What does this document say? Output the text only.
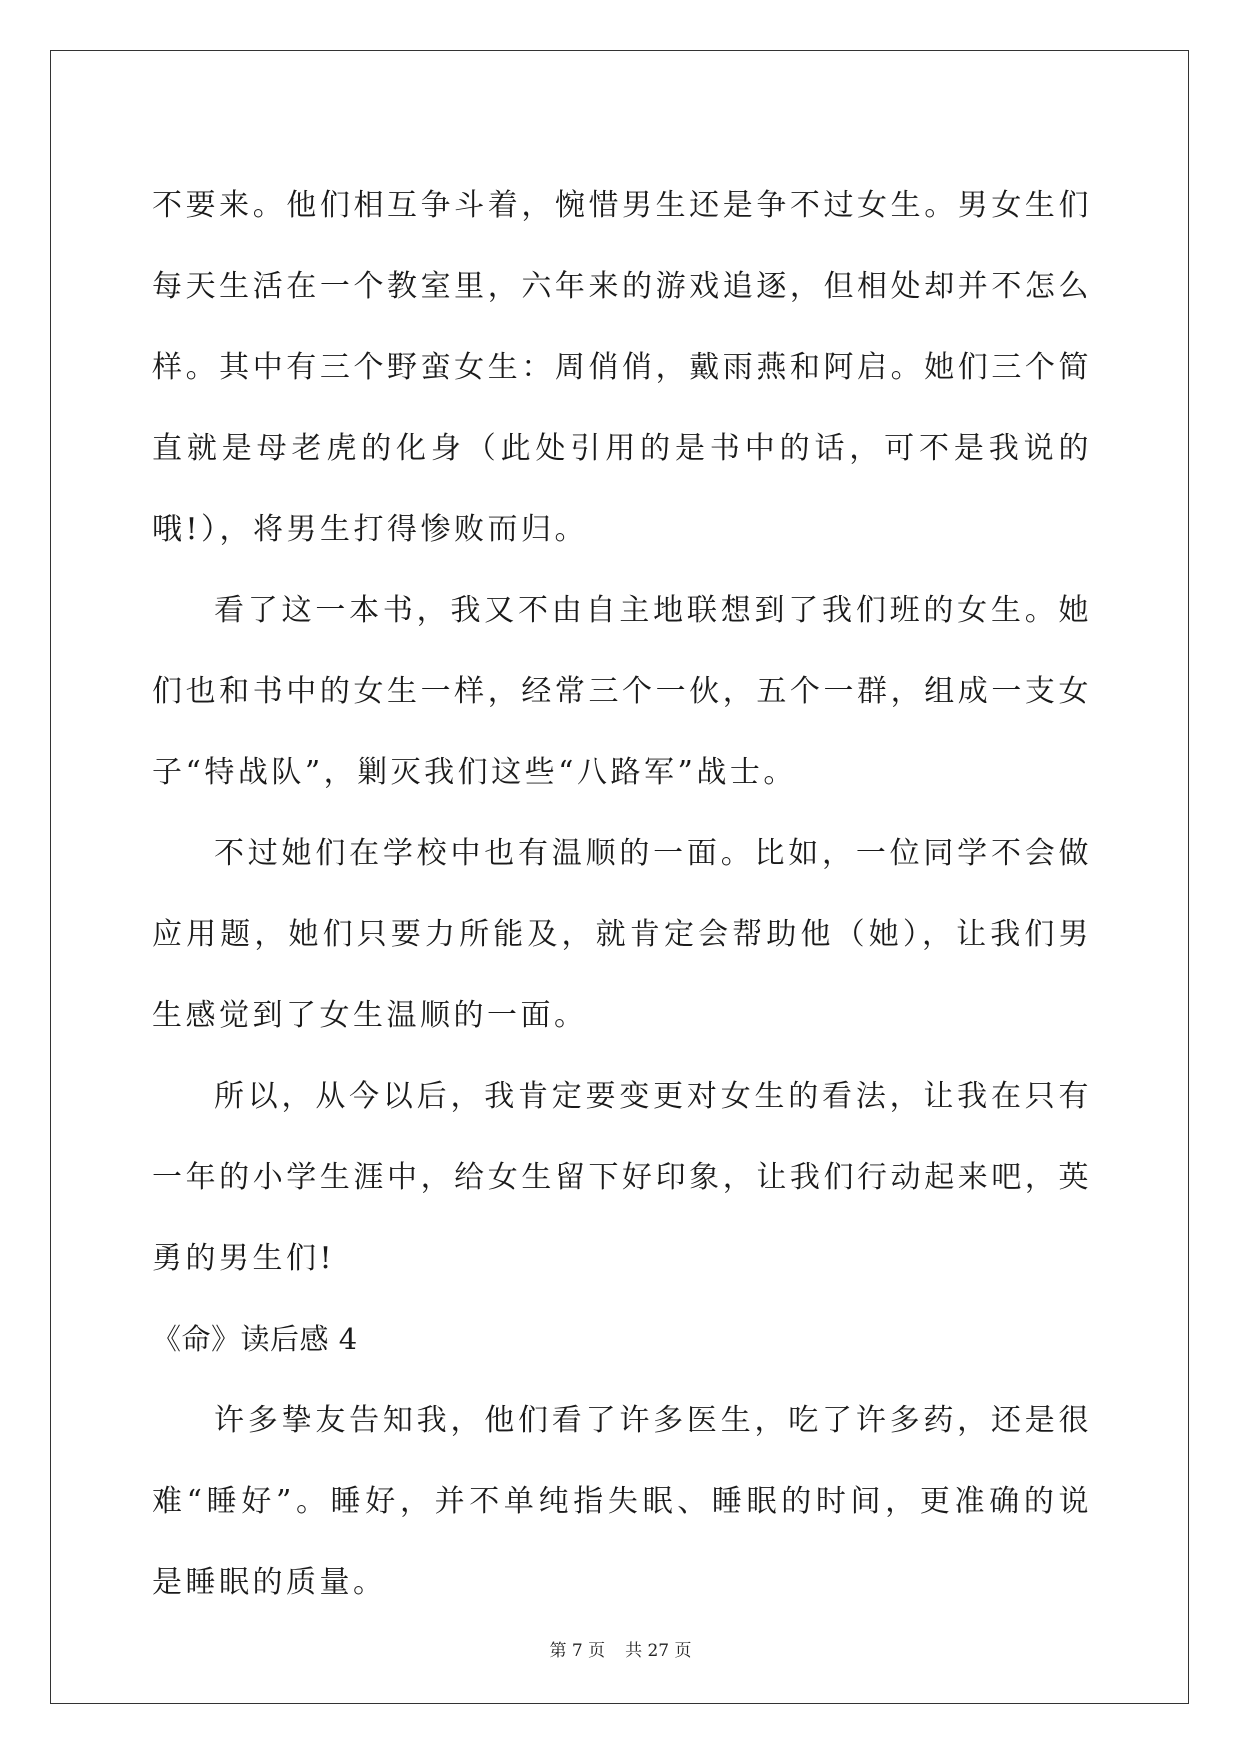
不要来。他们相互争斗着，惋惜男生还是争不过女生。男女生们每天生活在一个教室里，六年来的游戏追逐，但相处却并不怎么样。其中有三个野蛮女生：周俏俏，戴雨燕和阿启。她们三个简直就是母老虎的化身（此处引用的是书中的话，可不是我说的哦!），将男生打得惨败而归。

看了这一本书，我又不由自主地联想到了我们班的女生。她们也和书中的女生一样，经常三个一伙，五个一群，组成一支女子“特战队”，剿灭我们这些“八路军”战士。

不过她们在学校中也有温顺的一面。比如，一位同学不会做应用题，她们只要力所能及，就肯定会帮助他（她），让我们男生感觉到了女生温顺的一面。

所以，从今以后，我肯定要变更对女生的看法，让我在只有一年的小学生涯中，给女生留下好印象，让我们行动起来吧，英勇的男生们!

《命》读后感 4

许多挚友告知我，他们看了许多医生，吃了许多药，还是很难“睡好”。睡好，并不单纯指失眠、睡眠的时间，更准确的说是睡眠的质量。

第 7 页 共 27 页
